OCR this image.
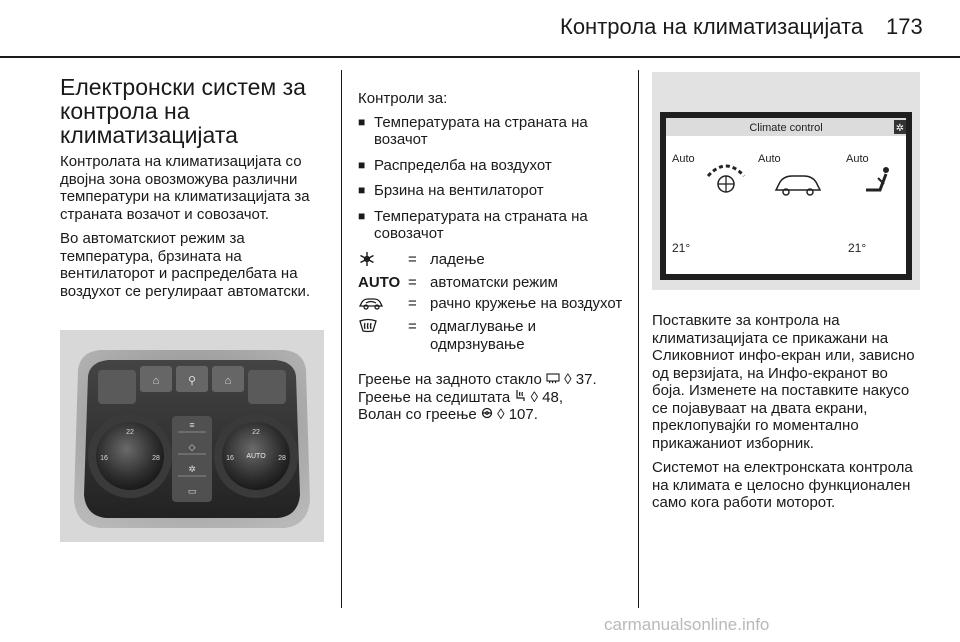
Контрола на климатизацијата 173
Електронски систем за контрола на климатизацијата

Контролата на климатизацијата со двојна зона овозможува различни температури на климатизацијата за страната возачот и совозачот.

Во автоматскиот режим за температура, брзината на вентилаторот и распределбата на воздухот се регулираат автоматски.

⌂	⚲	⌂
22
16	28
22
16	28
AUTO
≡
◇
✲
▭

Контроли за:

■ Температурата на страната на возачот
■ Распределба на воздухот
■ Брзина на вентилаторот
■ Температурата на страната на совозачот
= ладење
AUTO = автоматски режим
= рачно кружење на воздухот
= одмаглување и одмрзнување
Греење на задното стакло ◊ 37.
Греење на седиштата ◊ 48,
Волан со греење ◊ 107.
Climate control	✲
Auto	Auto	Auto
21°	21°

Поставките за контрола на климатизацијата се прикажани на Сликовниот инфо-екран или, зависно од верзијата, на Инфо-екранот во боја. Изменете на поставките накусо се појавуваат на двата екрани, преклопувајќи го моментално прикажаниот изборник.

Системот на електронската контрола на климата е целосно функционален само кога работи моторот.

carmanualsonline.info
